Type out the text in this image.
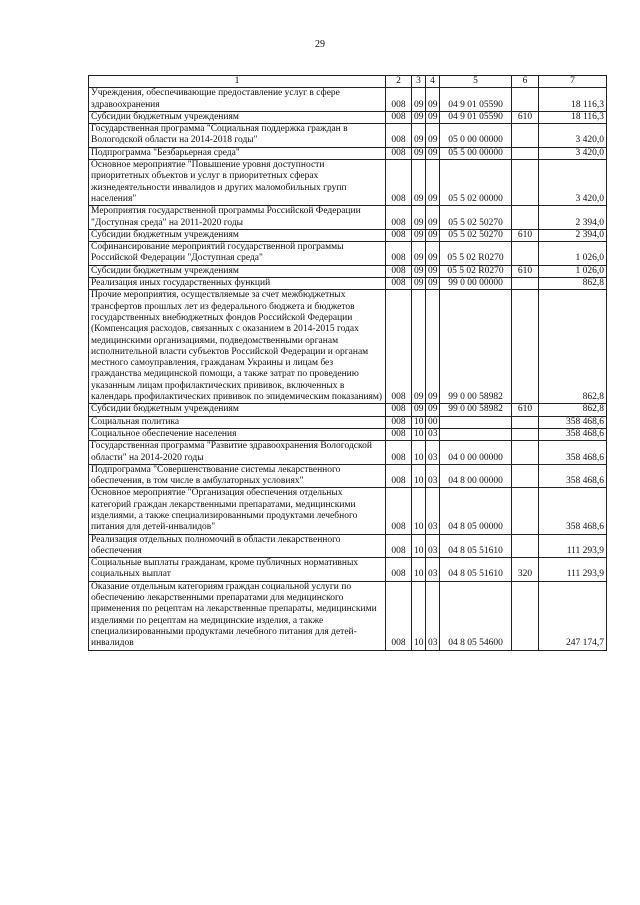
29
1	2	3	4	5	6	7
Учреждения, обеспечивающие предоставление услуг в сфере здравоохранения	008	09	09	04 9 01 05590		18 116,3
Субсидии бюджетным учреждениям	008	09	09	04 9 01 05590	610	18 116,3
Государственная программа "Социальная поддержка граждан в Вологодской области на 2014-2018 годы"	008	09	09	05 0 00 00000		3 420,0
Подпрограмма "Безбарьерная среда"	008	09	09	05 5 00 00000		3 420,0
Основное мероприятие "Повышение уровня доступности приоритетных объектов и услуг в приоритетных сферах жизнедеятельности инвалидов и других маломобильных групп населения"	008	09	09	05 5 02 00000		3 420,0
Мероприятия государственной программы Российской Федерации "Доступная среда" на 2011-2020 годы	008	09	09	05 5 02 50270		2 394,0
Субсидии бюджетным учреждениям	008	09	09	05 5 02 50270	610	2 394,0
Софинансирование мероприятий государственной программы Российской Федерации "Доступная среда"	008	09	09	05 5 02 R0270		1 026,0
Субсидии бюджетным учреждениям	008	09	09	05 5 02 R0270	610	1 026,0
Реализация иных государственных функций	008	09	09	99 0 00 00000		862,8
Прочие мероприятия, осуществляемые за счет межбюджетных трансфертов прошлых лет из федерального бюджета и бюджетов государственных внебюджетных фондов Российской Федерации (Компенсация расходов, связанных с оказанием в 2014-2015 годах медицинскими организациями, подведомственными органам исполнительной власти субъектов Российской Федерации и органам местного самоуправления, гражданам Украины и лицам без гражданства медицинской помощи, а также затрат по проведению указанным лицам профилактических прививок, включенных в календарь профилактических прививок по эпидемическим показаниям)	008	09	09	99 0 00 58982		862,8
Субсидии бюджетным учреждениям	008	09	09	99 0 00 58982	610	862,8
Социальная политика	008	10	00			358 468,6
Социальное обеспечение населения	008	10	03			358 468,6
Государственная программа "Развитие здравоохранения Вологодской области" на 2014-2020 годы	008	10	03	04 0 00 00000		358 468,6
Подпрограмма "Совершенствование системы лекарственного обеспечения, в том числе в амбулаторных условиях"	008	10	03	04 8 00 00000		358 468,6
Основное мероприятие "Организация обеспечения отдельных категорий граждан лекарственными препаратами, медицинскими изделиями, а также специализированными продуктами лечебного питания для детей-инвалидов"	008	10	03	04 8 05 00000		358 468,6
Реализация отдельных полномочий в области лекарственного обеспечения	008	10	03	04 8 05 51610		111 293,9
Социальные выплаты гражданам, кроме публичных нормативных социальных выплат	008	10	03	04 8 05 51610	320	111 293,9
Оказание отдельным категориям граждан социальной услуги по обеспечению лекарственными препаратами для медицинского применения по рецептам на лекарственные препараты, медицинскими изделиями по рецептам на медицинские изделия, а также специализированными продуктами лечебного питания для детей-инвалидов	008	10	03	04 8 05 54600		247 174,7
